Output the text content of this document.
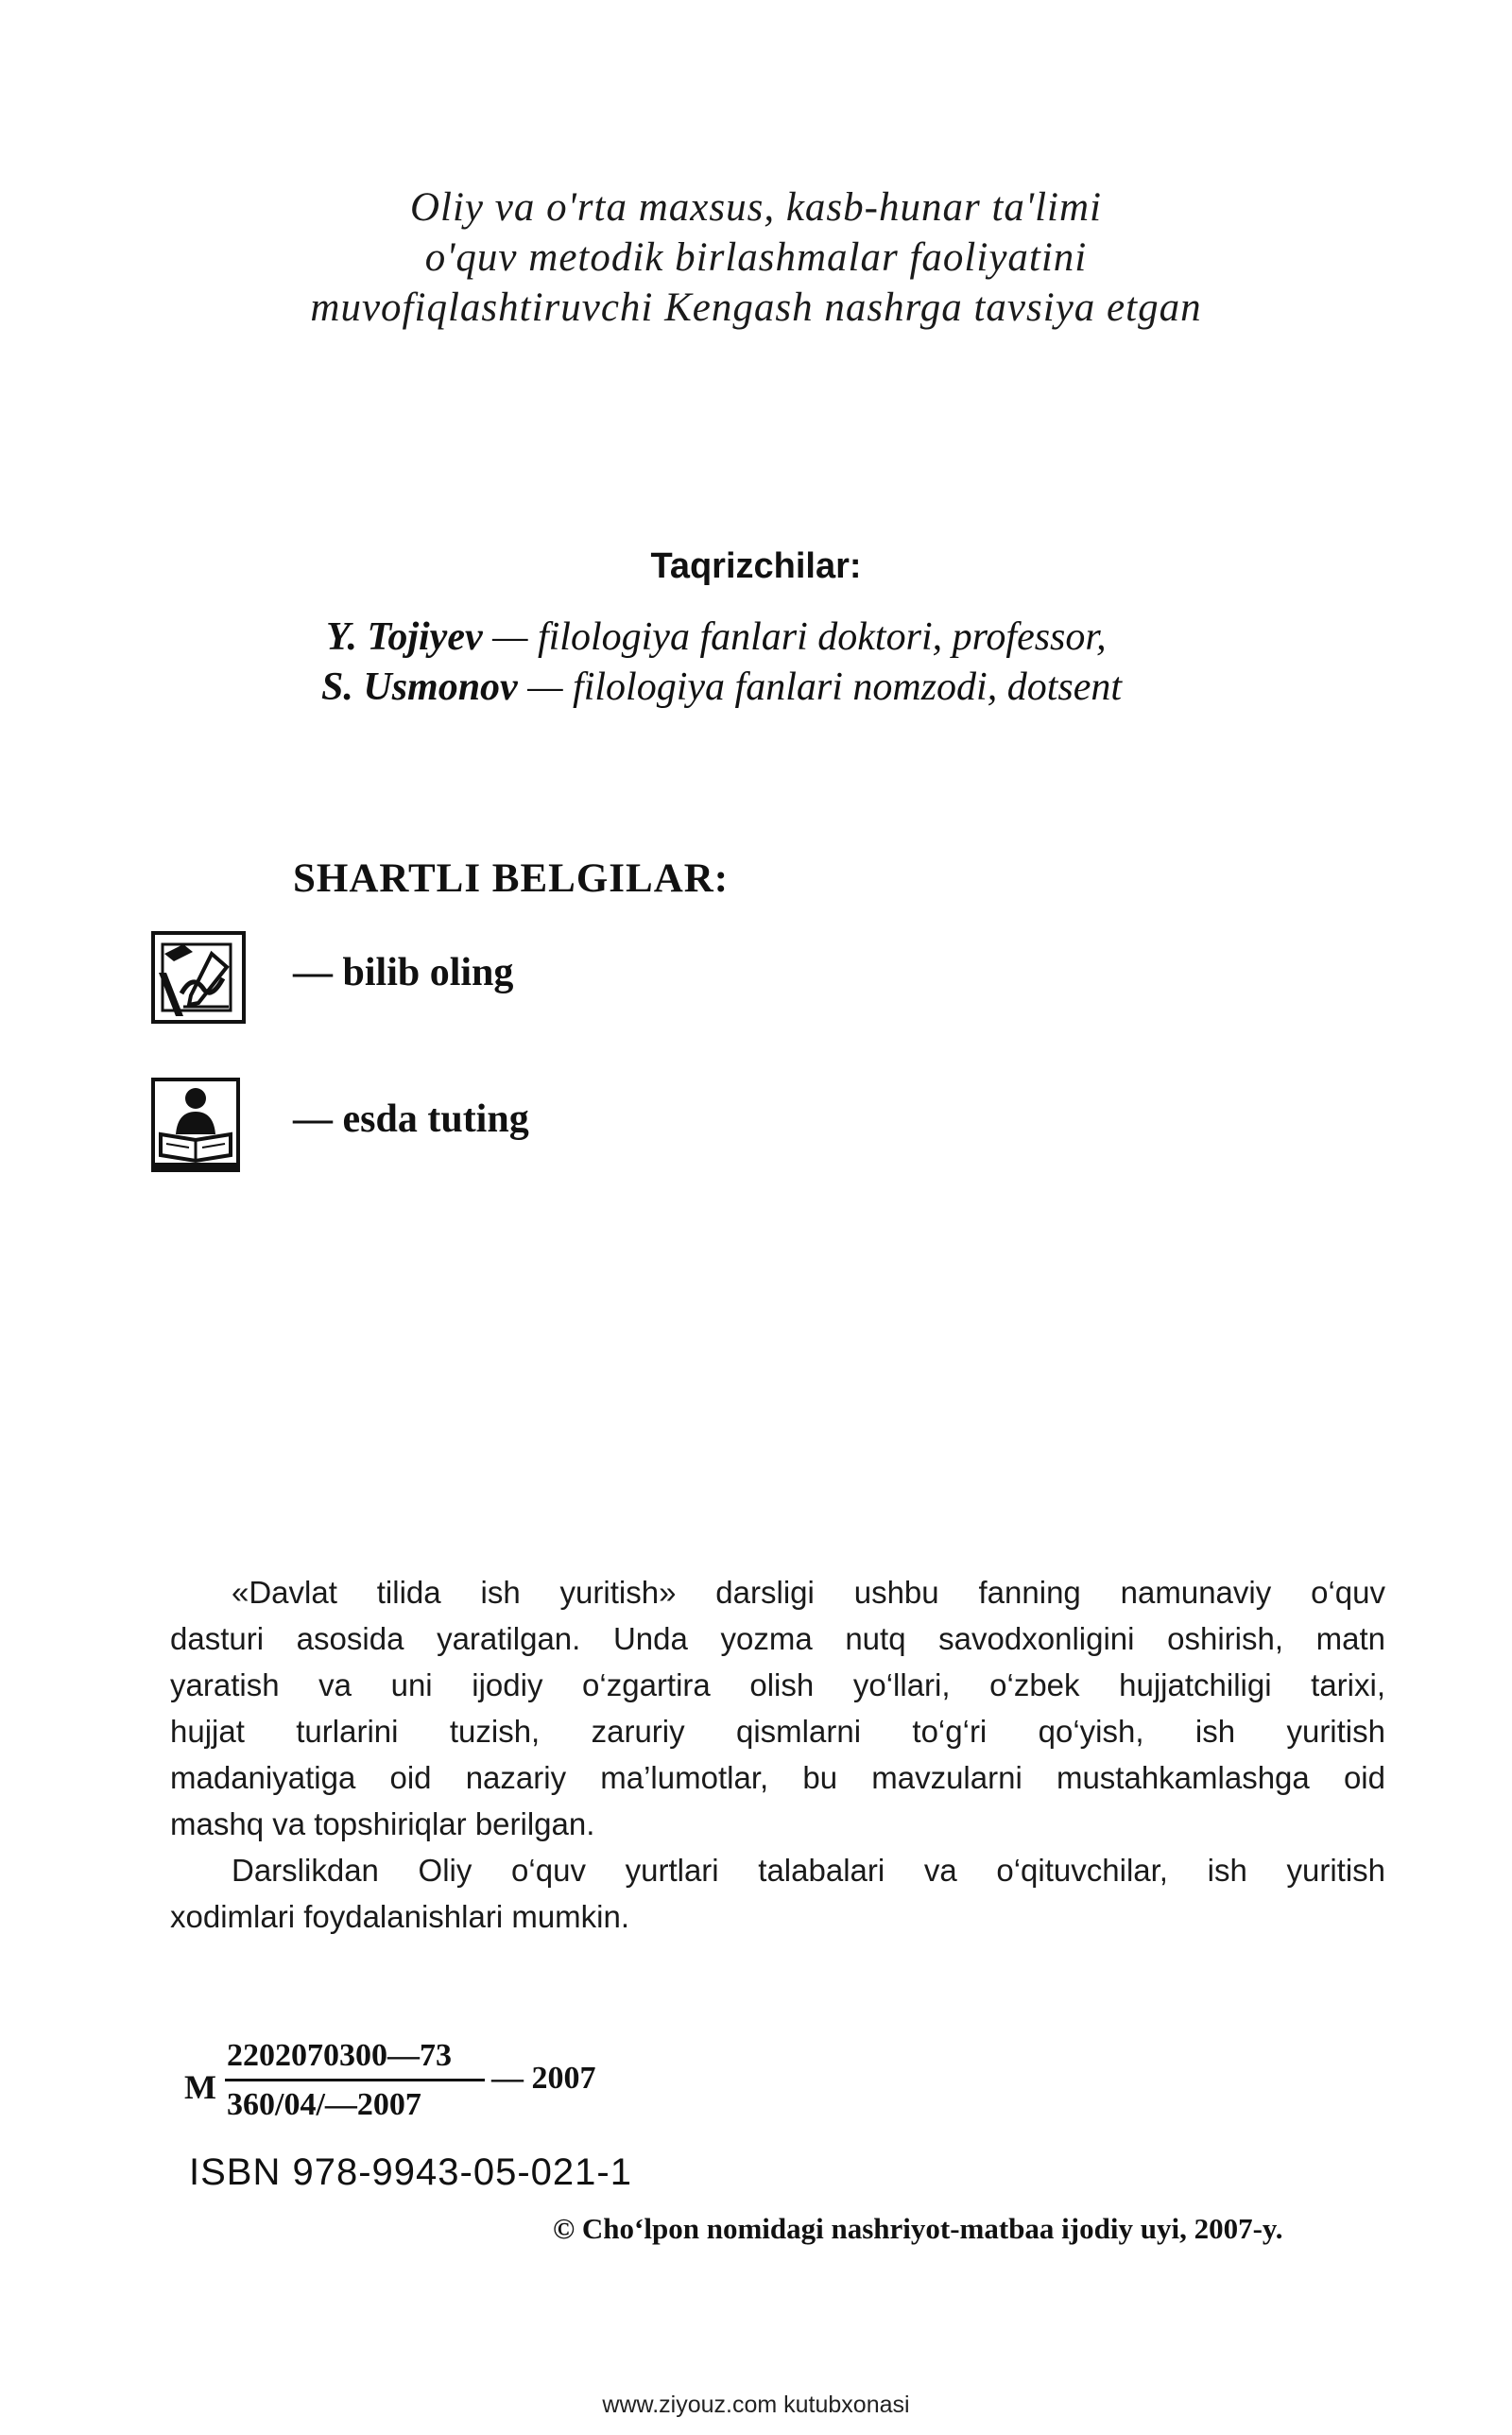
Oliy va o'rta maxsus, kasb-hunar ta'limi
o'quv metodik birlashmalar faoliyatini
muvofiqlashtiruvchi Kengash nashrga tavsiya etgan
Taqrizchilar:
Y. Tojiyev — filologiya fanlari doktori, professor,
S. Usmonov — filologiya fanlari nomzodi, dotsent
SHARTLI BELGILAR:
— bilib oling
— esda tuting
«Davlat tilida ish yuritish» darsligi ushbu fanning namunaviy o‘quv
dasturi asosida yaratilgan. Unda yozma nutq savodxonligini oshirish, matn
yaratish va uni ijodiy o‘zgartira olish yo‘llari, o‘zbek hujjatchiligi tarixi,
hujjat turlarini tuzish, zaruriy qismlarni to‘g‘ri qo‘yish, ish yuritish
madaniyatiga oid nazariy ma’lumotlar, bu mavzularni mustahkamlashga oid
mashq va topshiriqlar berilgan.
Darslikdan Oliy o‘quv yurtlari talabalari va o‘qituvchilar, ish yuritish
xodimlari foydalanishlari mumkin.
M
2202070300—73
360/04/—2007
— 2007
ISBN 978-9943-05-021-1
© Cho‘lpon nomidagi nashriyot-matbaa ijodiy uyi, 2007-y.
www.ziyouz.com kutubxonasi
